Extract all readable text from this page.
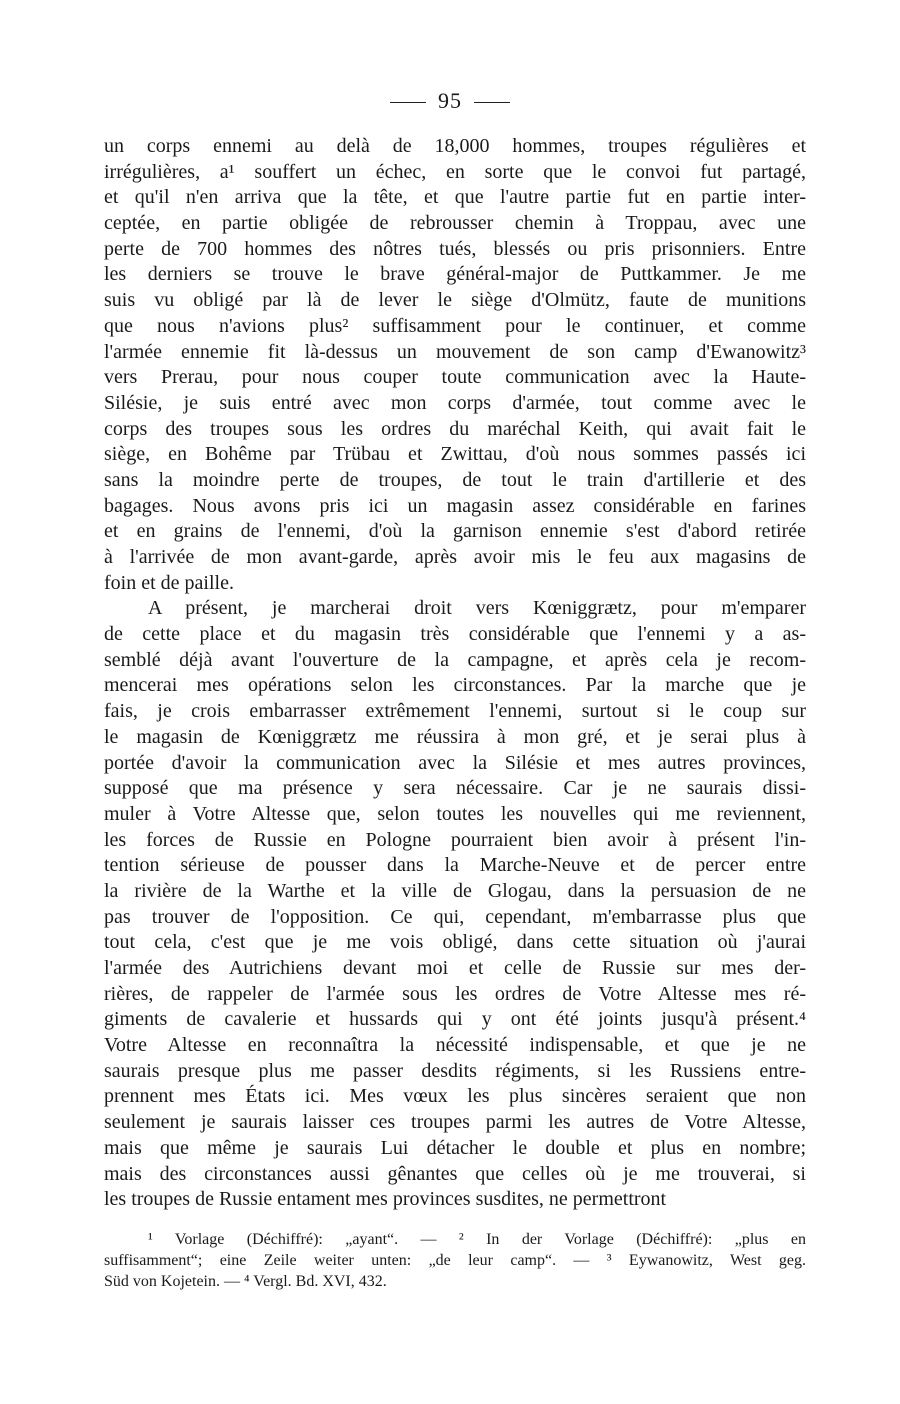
95
un corps ennemi au delà de 18,000 hommes, troupes régulières et
irrégulières, a¹ souffert un échec, en sorte que le convoi fut partagé,
et qu'il n'en arriva que la tête, et que l'autre partie fut en partie inter-
ceptée, en partie obligée de rebrousser chemin à Troppau, avec une
perte de 700 hommes des nôtres tués, blessés ou pris prisonniers. Entre
les derniers se trouve le brave général-major de Puttkammer. Je me
suis vu obligé par là de lever le siège d'Olmütz, faute de munitions
que nous n'avions plus² suffisamment pour le continuer, et comme
l'armée ennemie fit là-dessus un mouvement de son camp d'Ewanowitz³
vers Prerau, pour nous couper toute communication avec la Haute-
Silésie, je suis entré avec mon corps d'armée, tout comme avec le
corps des troupes sous les ordres du maréchal Keith, qui avait fait le
siège, en Bohême par Trübau et Zwittau, d'où nous sommes passés ici
sans la moindre perte de troupes, de tout le train d'artillerie et des
bagages. Nous avons pris ici un magasin assez considérable en farines
et en grains de l'ennemi, d'où la garnison ennemie s'est d'abord retirée
à l'arrivée de mon avant-garde, après avoir mis le feu aux magasins de
foin et de paille.
A présent, je marcherai droit vers Kœniggrætz, pour m'emparer
de cette place et du magasin très considérable que l'ennemi y a as-
semblé déjà avant l'ouverture de la campagne, et après cela je recom-
mencerai mes opérations selon les circonstances. Par la marche que je
fais, je crois embarrasser extrêmement l'ennemi, surtout si le coup sur
le magasin de Kœniggrætz me réussira à mon gré, et je serai plus à
portée d'avoir la communication avec la Silésie et mes autres provinces,
supposé que ma présence y sera nécessaire. Car je ne saurais dissi-
muler à Votre Altesse que, selon toutes les nouvelles qui me reviennent,
les forces de Russie en Pologne pourraient bien avoir à présent l'in-
tention sérieuse de pousser dans la Marche-Neuve et de percer entre
la rivière de la Warthe et la ville de Glogau, dans la persuasion de ne
pas trouver de l'opposition. Ce qui, cependant, m'embarrasse plus que
tout cela, c'est que je me vois obligé, dans cette situation où j'aurai
l'armée des Autrichiens devant moi et celle de Russie sur mes der-
rières, de rappeler de l'armée sous les ordres de Votre Altesse mes ré-
giments de cavalerie et hussards qui y ont été joints jusqu'à présent.⁴
Votre Altesse en reconnaîtra la nécessité indispensable, et que je ne
saurais presque plus me passer desdits régiments, si les Russiens entre-
prennent mes États ici. Mes vœux les plus sincères seraient que non
seulement je saurais laisser ces troupes parmi les autres de Votre Altesse,
mais que même je saurais Lui détacher le double et plus en nombre;
mais des circonstances aussi gênantes que celles où je me trouverai, si
les troupes de Russie entament mes provinces susdites, ne permettront
¹ Vorlage (Déchiffré): „ayant“. — ² In der Vorlage (Déchiffré): „plus en
suffisamment“; eine Zeile weiter unten: „de leur camp“. — ³ Eywanowitz, West geg.
Süd von Kojetein. — ⁴ Vergl. Bd. XVI, 432.
